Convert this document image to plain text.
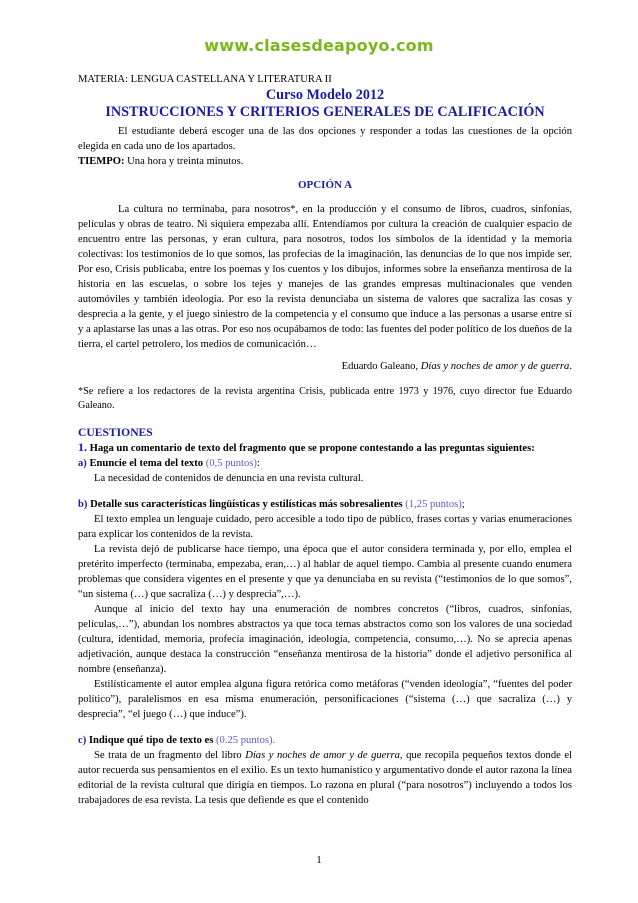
www.clasesdeapoyo.com

MATERIA: LENGUA CASTELLANA Y LITERATURA II

Curso Modelo 2012

INSTRUCCIONES Y CRITERIOS GENERALES DE CALIFICACIÓN

El estudiante deberá escoger una de las dos opciones y responder a todas las cuestiones de la opción elegida en cada uno de los apartados.

TIEMPO: Una hora y treinta minutos.

OPCIÓN A

La cultura no terminaba, para nosotros*, en la producción y el consumo de libros, cuadros, sinfonías, películas y obras de teatro. Ni siquiera empezaba allí. Entendíamos por cultura la creación de cualquier espacio de encuentro entre las personas, y eran cultura, para nosotros, todos los símbolos de la identidad y la memoria colectivas: los testimonios de lo que somos, las profecías de la imaginación, las denuncias de lo que nos impide ser. Por eso, Crisis publicaba, entre los poemas y los cuentos y los dibujos, informes sobre la enseñanza mentirosa de la historia en las escuelas, o sobre los tejes y manejes de las grandes empresas multinacionales que venden automóviles y también ideología. Por eso la revista denunciaba un sistema de valores que sacraliza las cosas y desprecia a la gente, y el juego siniestro de la competencia y el consumo que induce a las personas a usarse entre sí y a aplastarse las unas a las otras. Por eso nos ocupábamos de todo: las fuentes del poder político de los dueños de la tierra, el cartel petrolero, los medios de comunicación…

Eduardo Galeano, Días y noches de amor y de guerra.

*Se refiere a los redactores de la revista argentina Crisis, publicada entre 1973 y 1976, cuyo director fue Eduardo Galeano.

CUESTIONES

1. Haga un comentario de texto del fragmento que se propone contestando a las preguntas siguientes:

a) Enuncie el tema del texto (0,5 puntos):

La necesidad de contenidos de denuncia en una revista cultural.

b) Detalle sus características lingüísticas y estilísticas más sobresalientes (1,25 puntos);

El texto emplea un lenguaje cuidado, pero accesible a todo tipo de público, frases cortas y varias enumeraciones para explicar los contenidos de la revista.

La revista dejó de publicarse hace tiempo, una época que el autor considera terminada y, por ello, emplea el pretérito imperfecto (terminaba, empezaba, eran,…) al hablar de aquel tiempo. Cambia al presente cuando enumera problemas que considera vigentes en el presente y que ya denunciaba en su revista (“testimonios de lo que somos”, “un sistema (…) que sacraliza (…) y desprecia”,…).

Aunque al inicio del texto hay una enumeración de nombres concretos (“libros, cuadros, sinfonías, películas,…”), abundan los nombres abstractos ya que toca temas abstractos como son los valores de una sociedad (cultura, identidad, memoria, profecía imaginación, ideología, competencia, consumo,…). No se aprecia apenas adjetivación, aunque destaca la construcción “enseñanza mentirosa de la historia” donde el adjetivo personifica al nombre (enseñanza).

Estilísticamente el autor emplea alguna figura retórica como metáforas (“venden ideología”, “fuentes del poder político”), paralelismos en esa misma enumeración, personificaciones (“sistema (…) que sacraliza (…) y desprecia”, “el juego (…) que induce”).

c) Indique qué tipo de texto es (0.25 puntos).

Se trata de un fragmento del libro Días y noches de amor y de guerra, que recopila pequeños textos donde el autor recuerda sus pensamientos en el exilio. Es un texto humanístico y argumentativo donde el autor razona la línea editorial de la revista cultural que dirigía en tiempos. Lo razona en plural (“para nosotros”) incluyendo a todos los trabajadores de esa revista. La tesis que defiende es que el contenido

1
